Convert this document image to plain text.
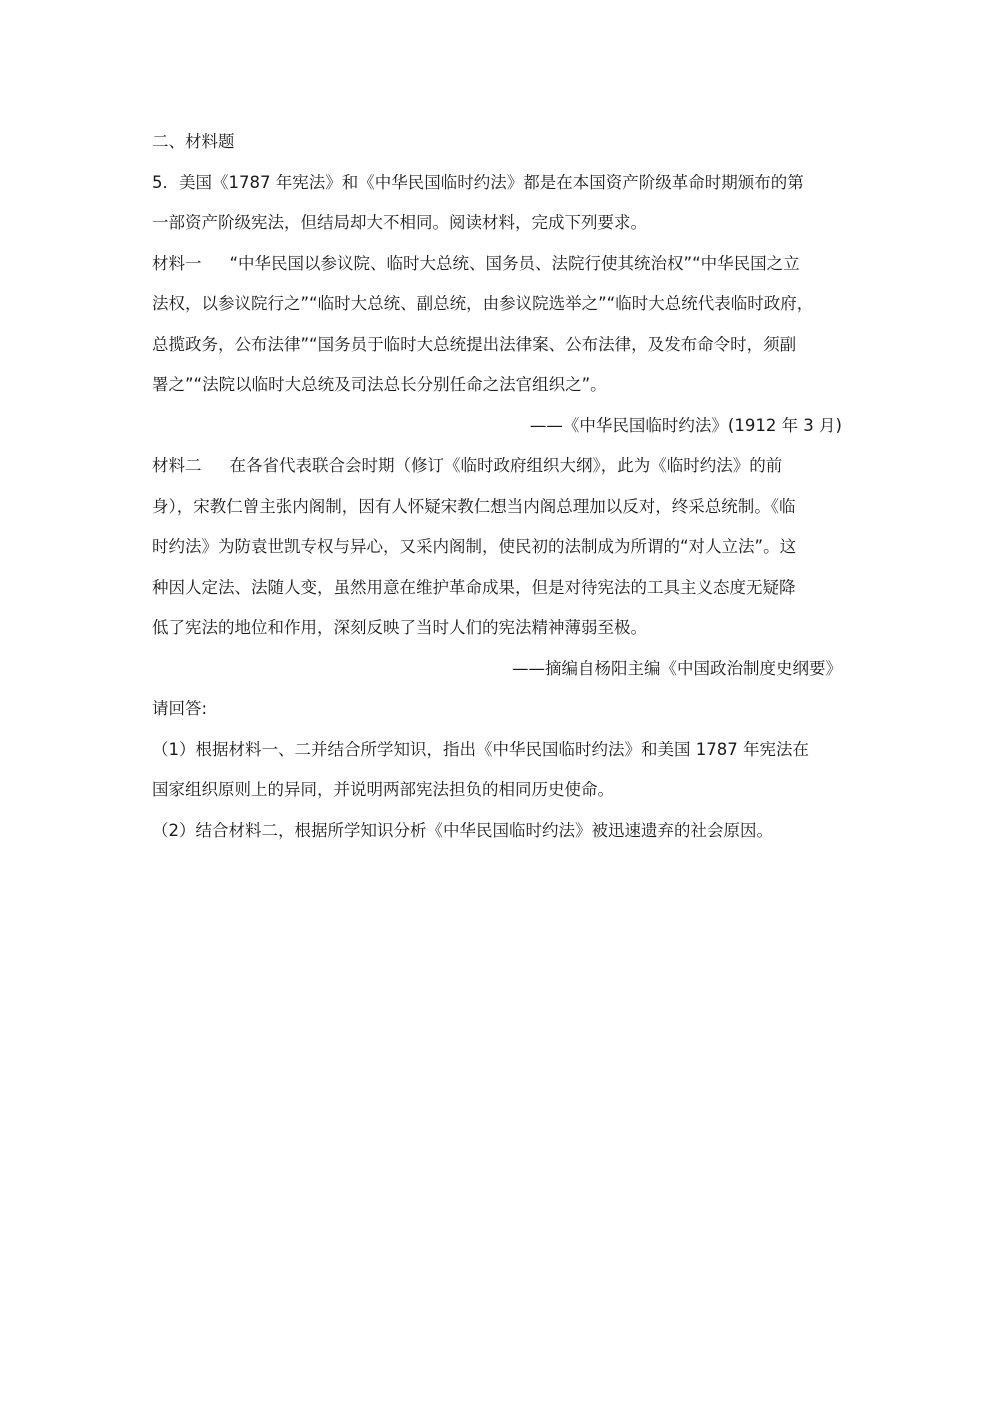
二、材料题
5．美国《1787 年宪法》和《中华民国临时约法》都是在本国资产阶级革命时期颁布的第
一部资产阶级宪法，但结局却大不相同。阅读材料，完成下列要求。
材料一 “中华民国以参议院、临时大总统、国务员、法院行使其统治权”“中华民国之立
法权，以参议院行之”“临时大总统、副总统，由参议院选举之”“临时大总统代表临时政府，
总揽政务，公布法律”“国务员于临时大总统提出法律案、公布法律，及发布命令时，须副
署之”“法院以临时大总统及司法总长分别任命之法官组织之”。
——《中华民国临时约法》(1912 年 3 月)
材料二 在各省代表联合会时期（修订《临时政府组织大纲》，此为《临时约法》的前
身），宋教仁曾主张内阁制，因有人怀疑宋教仁想当内阁总理加以反对，终采总统制。《临
时约法》为防袁世凯专权与异心，又采内阁制，使民初的法制成为所谓的“对人立法”。这
种因人定法、法随人变，虽然用意在维护革命成果，但是对待宪法的工具主义态度无疑降
低了宪法的地位和作用，深刻反映了当时人们的宪法精神薄弱至极。
——摘编自杨阳主编《中国政治制度史纲要》
请回答:
（1）根据材料一、二并结合所学知识，指出《中华民国临时约法》和美国 1787 年宪法在
国家组织原则上的异同，并说明两部宪法担负的相同历史使命。
（2）结合材料二，根据所学知识分析《中华民国临时约法》被迅速遗弃的社会原因。
